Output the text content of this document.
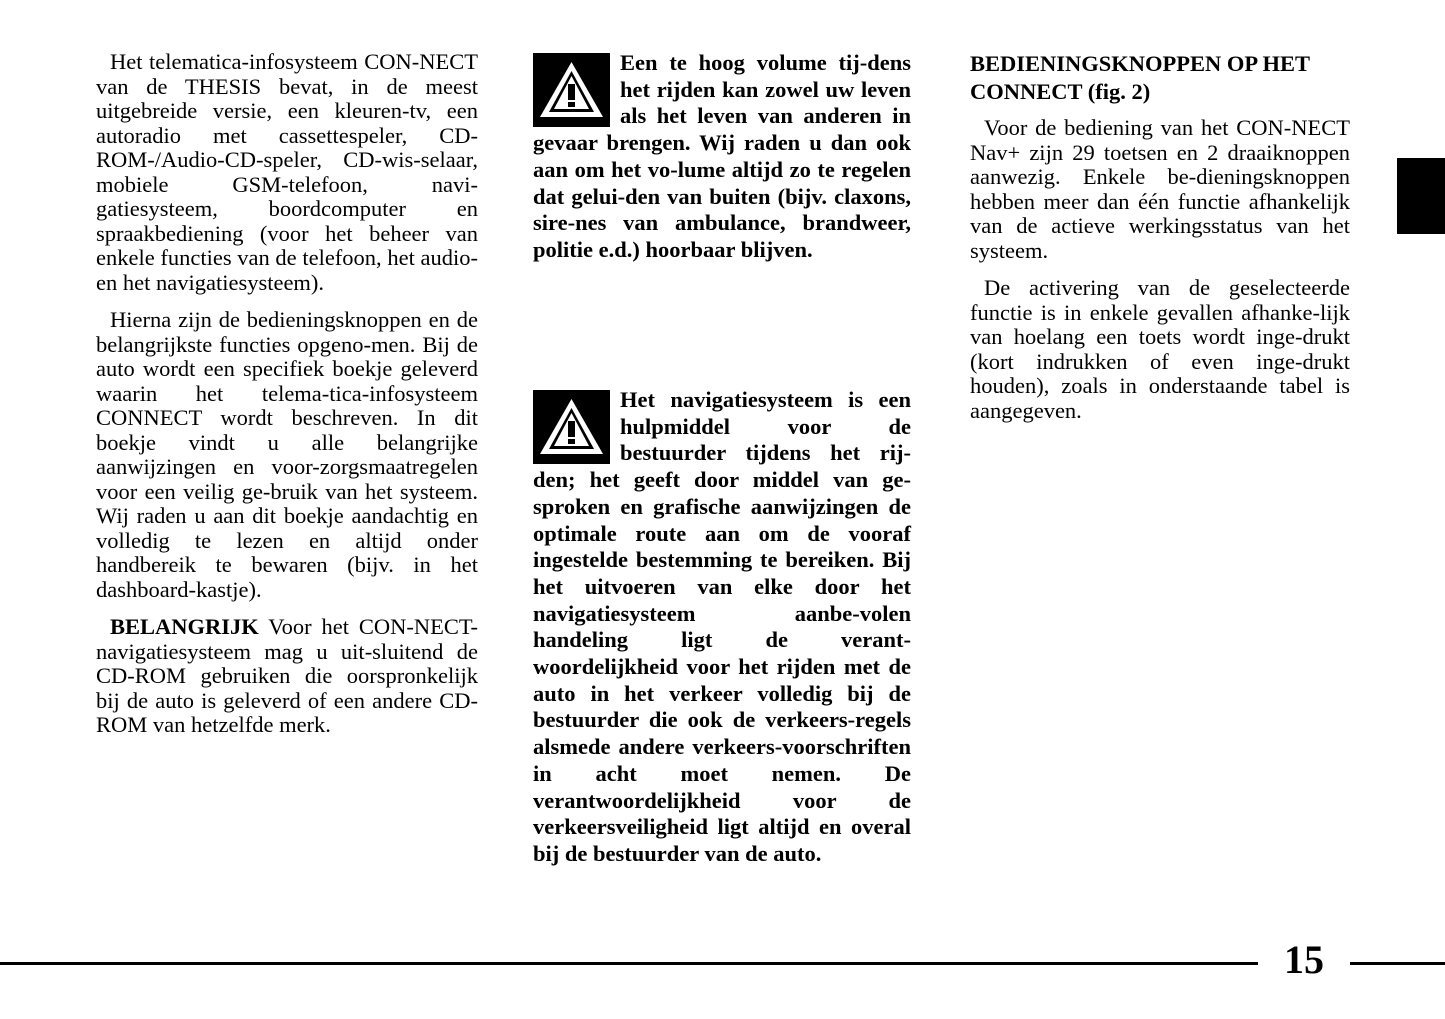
Het telematica-infosysteem CON-NECT van de THESIS bevat, in de meest uitgebreide versie, een kleuren-tv, een autoradio met cassettespeler, CD-ROM-/Audio-CD-speler, CD-wis-selaar, mobiele GSM-telefoon, navi-gatiesysteem, boordcomputer en spraakbediening (voor het beheer van enkele functies van de telefoon, het audio- en het navigatiesysteem).

Hierna zijn de bedieningsknoppen en de belangrijkste functies opgeno-men. Bij de auto wordt een specifiek boekje geleverd waarin het telema-tica-infosysteem CONNECT wordt beschreven. In dit boekje vindt u alle belangrijke aanwijzingen en voor-zorgsmaatregelen voor een veilig ge-bruik van het systeem. Wij raden u aan dit boekje aandachtig en volledig te lezen en altijd onder handbereik te bewaren (bijv. in het dashboard-kastje).

BELANGRIJK Voor het CON-NECT-navigatiesysteem mag u uit-sluitend de CD-ROM gebruiken die oorspronkelijk bij de auto is geleverd of een andere CD-ROM van hetzelfde merk.

Een te hoog volume tij-dens het rijden kan zowel uw leven als het leven van anderen in gevaar brengen. Wij raden u dan ook aan om het vo-lume altijd zo te regelen dat gelui-den van buiten (bijv. claxons, sire-nes van ambulance, brandweer, politie e.d.) hoorbaar blijven.

Het navigatiesysteem is een hulpmiddel voor de bestuurder tijdens het rij-den; het geeft door middel van ge-sproken en grafische aanwijzingen de optimale route aan om de vooraf ingestelde bestemming te bereiken. Bij het uitvoeren van elke door het navigatiesysteem aanbe-volen handeling ligt de verant-woordelijkheid voor het rijden met de auto in het verkeer volledig bij de bestuurder die ook de verkeers-regels alsmede andere verkeers-voorschriften in acht moet nemen. De verantwoordelijkheid voor de verkeersveiligheid ligt altijd en overal bij de bestuurder van de auto.

BEDIENINGSKNOPPEN OP HET CONNECT (fig. 2)

Voor de bediening van het CON-NECT Nav+ zijn 29 toetsen en 2 draaiknoppen aanwezig. Enkele be-dieningsknoppen hebben meer dan één functie afhankelijk van de actieve werkingsstatus van het systeem.

De activering van de geselecteerde functie is in enkele gevallen afhanke-lijk van hoelang een toets wordt inge-drukt (kort indrukken of even inge-drukt houden), zoals in onderstaande tabel is aangegeven.

15
